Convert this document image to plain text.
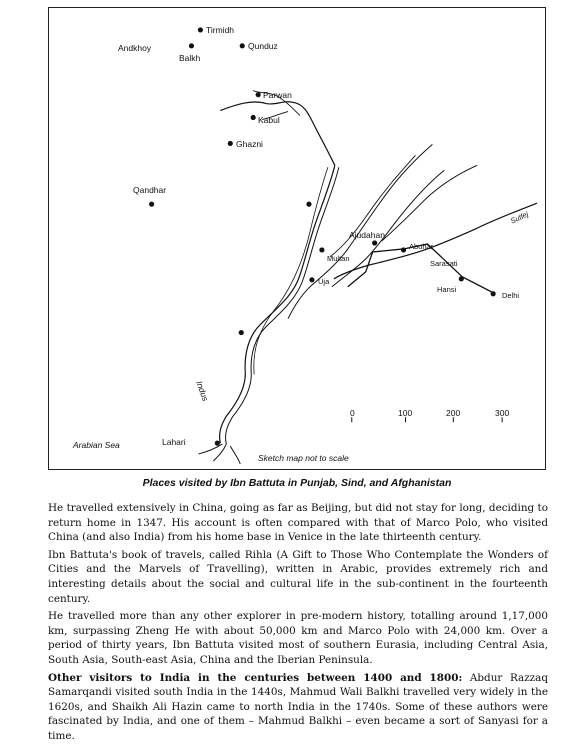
Tirmidh
Andkhoy
Balkh
Qunduz
Parwan
Kabul
Ghazni
Qandhar
Ajudahan
Multan
Uja
Abuhar
Sarasati
Hansi
Delhi
Lahari
Sutlej
Indus
Arabian Sea
0	100	200	300
Sketch map not to scale
Places visited by Ibn Battuta in Punjab, Sind, and Afghanistan

He travelled extensively in China, going as far as Beijing, but did not stay for long, deciding to return home in 1347. His account is often compared with that of Marco Polo, who visited China (and also India) from his home base in Venice in the late thirteenth century.

Ibn Battuta's book of travels, called Rihla (A Gift to Those Who Contemplate the Wonders of Cities and the Marvels of Travelling), written in Arabic, provides extremely rich and interesting details about the social and cultural life in the sub-continent in the fourteenth century.

He travelled more than any other explorer in pre-modern history, totalling around 1,17,000 km, surpassing Zheng He with about 50,000 km and Marco Polo with 24,000 km. Over a period of thirty years, Ibn Battuta visited most of southern Eurasia, including Central Asia, South Asia, South-east Asia, China and the Iberian Peninsula.

Other visitors to India in the centuries between 1400 and 1800: Abdur Razzaq Samarqandi visited south India in the 1440s, Mahmud Wali Balkhi travelled very widely in the 1620s, and Shaikh Ali Hazin came to north India in the 1740s. Some of these authors were fascinated by India, and one of them – Mahmud Balkhi – even became a sort of Sanyasi for a time.
